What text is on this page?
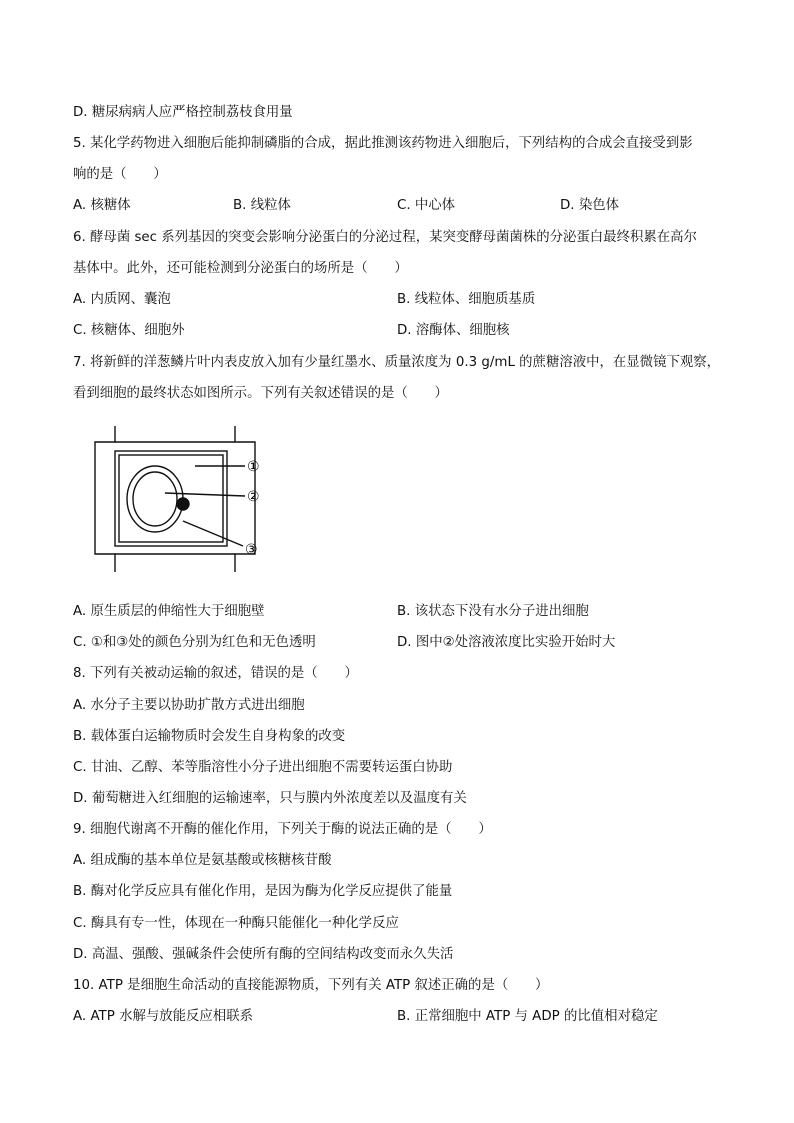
D. 糖尿病病人应严格控制荔枝食用量
5. 某化学药物进入细胞后能抑制磷脂的合成，据此推测该药物进入细胞后，下列结构的合成会直接受到影
响的是（　　）
A. 核糖体	B. 线粒体	C. 中心体	D. 染色体
6. 酵母菌 sec 系列基因的突变会影响分泌蛋白的分泌过程，某突变酵母菌菌株的分泌蛋白最终积累在高尔
基体中。此外，还可能检测到分泌蛋白的场所是（　　）
A. 内质网、囊泡	B. 线粒体、细胞质基质
C. 核糖体、细胞外	D. 溶酶体、细胞核
7. 将新鲜的洋葱鳞片叶内表皮放入加有少量红墨水、质量浓度为 0.3 g/mL 的蔗糖溶液中，在显微镜下观察，
看到细胞的最终状态如图所示。下列有关叙述错误的是（　　）
①
②
③
A. 原生质层的伸缩性大于细胞壁	B. 该状态下没有水分子进出细胞
C. ①和③处的颜色分别为红色和无色透明	D. 图中②处溶液浓度比实验开始时大
8. 下列有关被动运输的叙述，错误的是（　　）
A. 水分子主要以协助扩散方式进出细胞
B. 载体蛋白运输物质时会发生自身构象的改变
C. 甘油、乙醇、苯等脂溶性小分子进出细胞不需要转运蛋白协助
D. 葡萄糖进入红细胞的运输速率，只与膜内外浓度差以及温度有关
9. 细胞代谢离不开酶的催化作用，下列关于酶的说法正确的是（　　）
A. 组成酶的基本单位是氨基酸或核糖核苷酸
B. 酶对化学反应具有催化作用，是因为酶为化学反应提供了能量
C. 酶具有专一性，体现在一种酶只能催化一种化学反应
D. 高温、强酸、强碱条件会使所有酶的空间结构改变而永久失活
10. ATP 是细胞生命活动的直接能源物质，下列有关 ATP 叙述正确的是（　　）
A. ATP 水解与放能反应相联系	B. 正常细胞中 ATP 与 ADP 的比值相对稳定
